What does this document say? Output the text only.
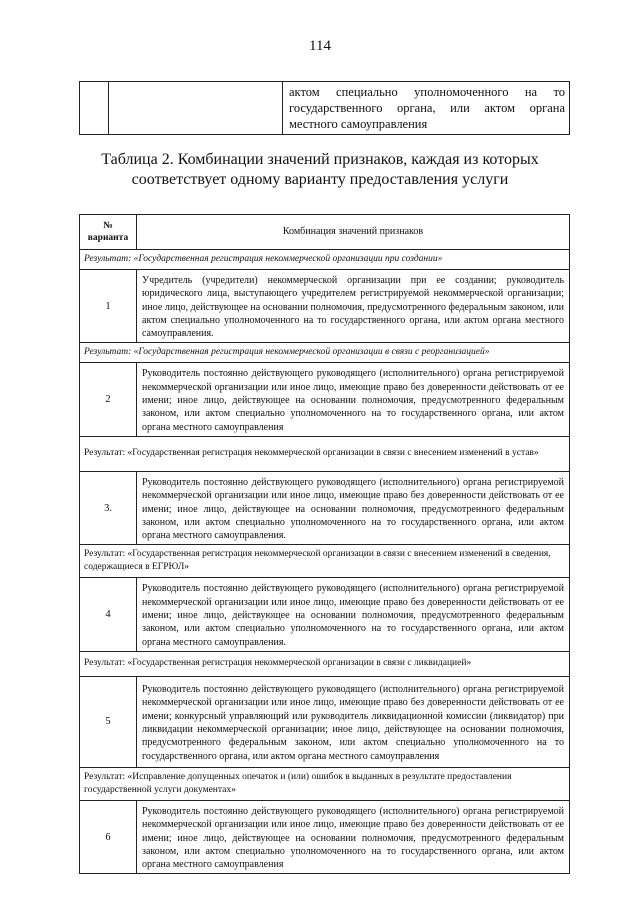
114
		актом специально уполномоченного на то государственного органа, или актом органа местного самоуправления
Таблица 2. Комбинации значений признаков, каждая из которых
соответствует одному варианту предоставления услуги
№ варианта	Комбинация значений признаков
Результат: «Государственная регистрация некоммерческой организации при создании»	
1	Учредитель (учредители) некоммерческой организации при ее создании; руководитель юридического лица, выступающего учредителем регистрируемой некоммерческой организации; иное лицо, действующее на основании полномочия, предусмотренного федеральным законом, или актом специально уполномоченного на то государственного органа, или актом органа местного самоуправления.
Результат: «Государственная регистрация некоммерческой организации в связи с реорганизацией»	
2	Руководитель постоянно действующего руководящего (исполнительного) органа регистрируемой некоммерческой организации или иное лицо, имеющие право без доверенности действовать от ее имени; иное лицо, действующее на основании полномочия, предусмотренного федеральным законом, или актом специально уполномоченного на то государственного органа, или актом органа местного самоуправления
Результат: «Государственная регистрация некоммерческой организации в связи с внесением изменений в устав»	
3.	Руководитель постоянно действующего руководящего (исполнительного) органа регистрируемой некоммерческой организации или иное лицо, имеющие право без доверенности действовать от ее имени; иное лицо, действующее на основании полномочия, предусмотренного федеральным законом, или актом специально уполномоченного на то государственного органа, или актом органа местного самоуправления.
Результат: «Государственная регистрация некоммерческой организации в связи с внесением изменений в сведения, содержащиеся в ЕГРЮЛ»	
4	Руководитель постоянно действующего руководящего (исполнительного) органа регистрируемой некоммерческой организации или иное лицо, имеющие право без доверенности действовать от ее имени; иное лицо, действующее на основании полномочия, предусмотренного федеральным законом, или актом специально уполномоченного на то государственного органа, или актом органа местного самоуправления.
Результат: «Государственная регистрация некоммерческой организации в связи с ликвидацией»	
5	Руководитель постоянно действующего руководящего (исполнительного) органа регистрируемой некоммерческой организации или иное лицо, имеющие право без доверенности действовать от ее имени; конкурсный управляющий или руководитель ликвидационной комиссии (ликвидатор) при ликвидации некоммерческой организации; иное лицо, действующее на основании полномочия, предусмотренного федеральным законом, или актом специально уполномоченного на то государственного органа, или актом органа местного самоуправления
Результат: «Исправление допущенных опечаток и (или) ошибок в выданных в результате предоставления государственной услуги документах»	
6	Руководитель постоянно действующего руководящего (исполнительного) органа регистрируемой некоммерческой организации или иное лицо, имеющие право без доверенности действовать от ее имени; иное лицо, действующее на основании полномочия, предусмотренного федеральным законом, или актом специально уполномоченного на то государственного органа, или актом органа местного самоуправления
